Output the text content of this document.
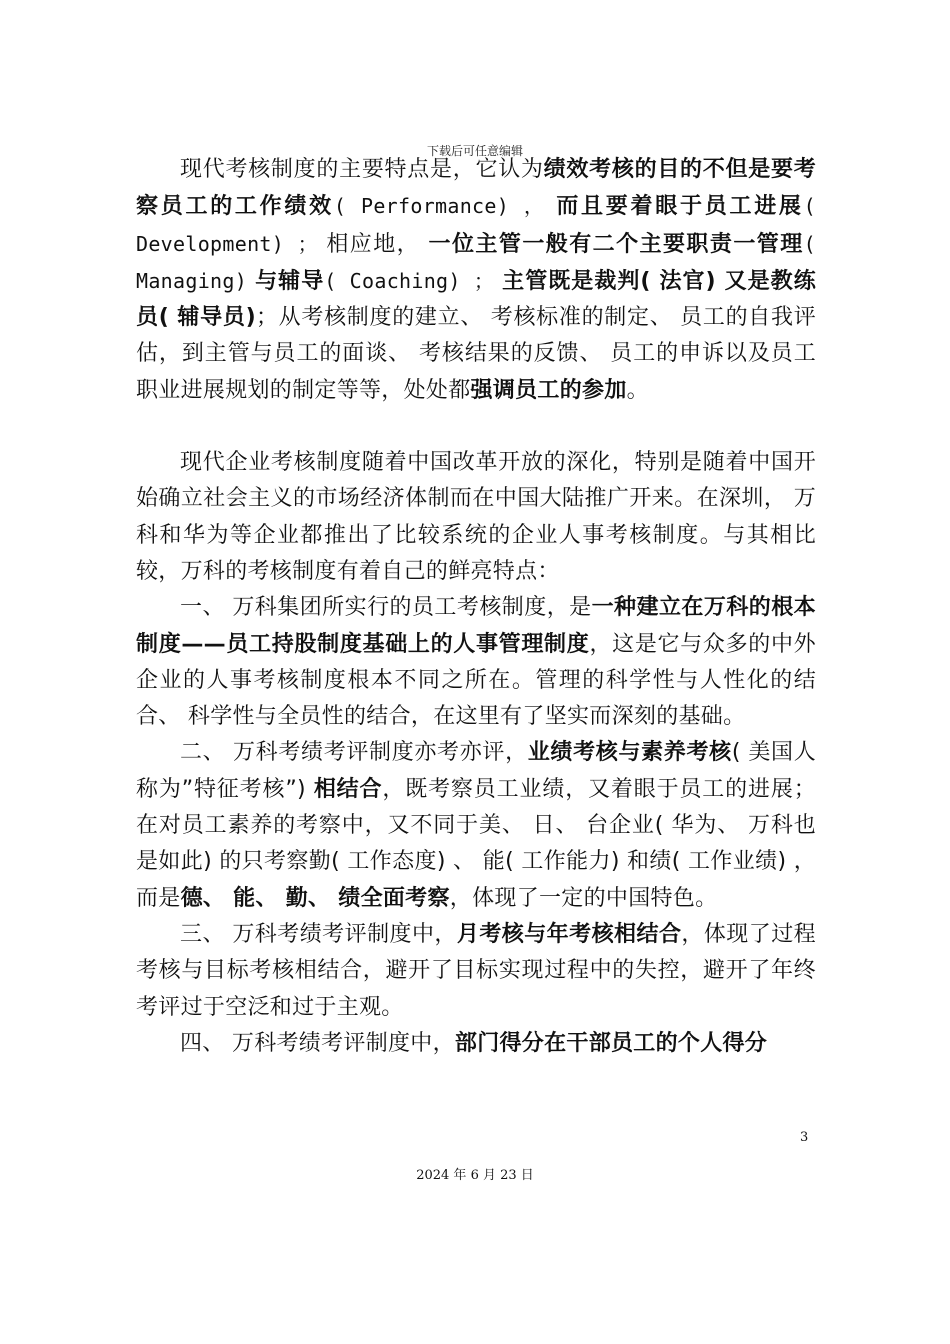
下载后可任意编辑

现代考核制度的主要特点是，它认为绩效考核的目的不但是要考察员工的工作绩效( Performance) ， 而且要着眼于员工进展( Development) ； 相应地， 一位主管一般有二个主要职责一管理( Managing) 与辅导( Coaching) ； 主管既是裁判( 法官) 又是教练员( 辅导员)；从考核制度的建立、 考核标准的制定、 员工的自我评估，到主管与员工的面谈、 考核结果的反馈、 员工的申诉以及员工职业进展规划的制定等等，处处都强调员工的参加。

现代企业考核制度随着中国改革开放的深化，特别是随着中国开始确立社会主义的市场经济体制而在中国大陆推广开来。在深圳， 万科和华为等企业都推出了比较系统的企业人事考核制度。与其相比较，万科的考核制度有着自己的鲜亮特点：

一、 万科集团所实行的员工考核制度，是一种建立在万科的根本制度——员工持股制度基础上的人事管理制度，这是它与众多的中外企业的人事考核制度根本不同之所在。管理的科学性与人性化的结合、 科学性与全员性的结合，在这里有了坚实而深刻的基础。

二、 万科考绩考评制度亦考亦评，业绩考核与素养考核( 美国人称为”特征考核”) 相结合，既考察员工业绩，又着眼于员工的进展；在对员工素养的考察中，又不同于美、 日、 台企业( 华为、 万科也是如此) 的只考察勤( 工作态度) 、 能( 工作能力) 和绩( 工作业绩) ，而是德、 能、 勤、 绩全面考察，体现了一定的中国特色。

三、 万科考绩考评制度中，月考核与年考核相结合，体现了过程考核与目标考核相结合，避开了目标实现过程中的失控，避开了年终考评过于空泛和过于主观。

四、 万科考绩考评制度中，部门得分在干部员工的个人得分

3
2024 年 6 月 23 日
